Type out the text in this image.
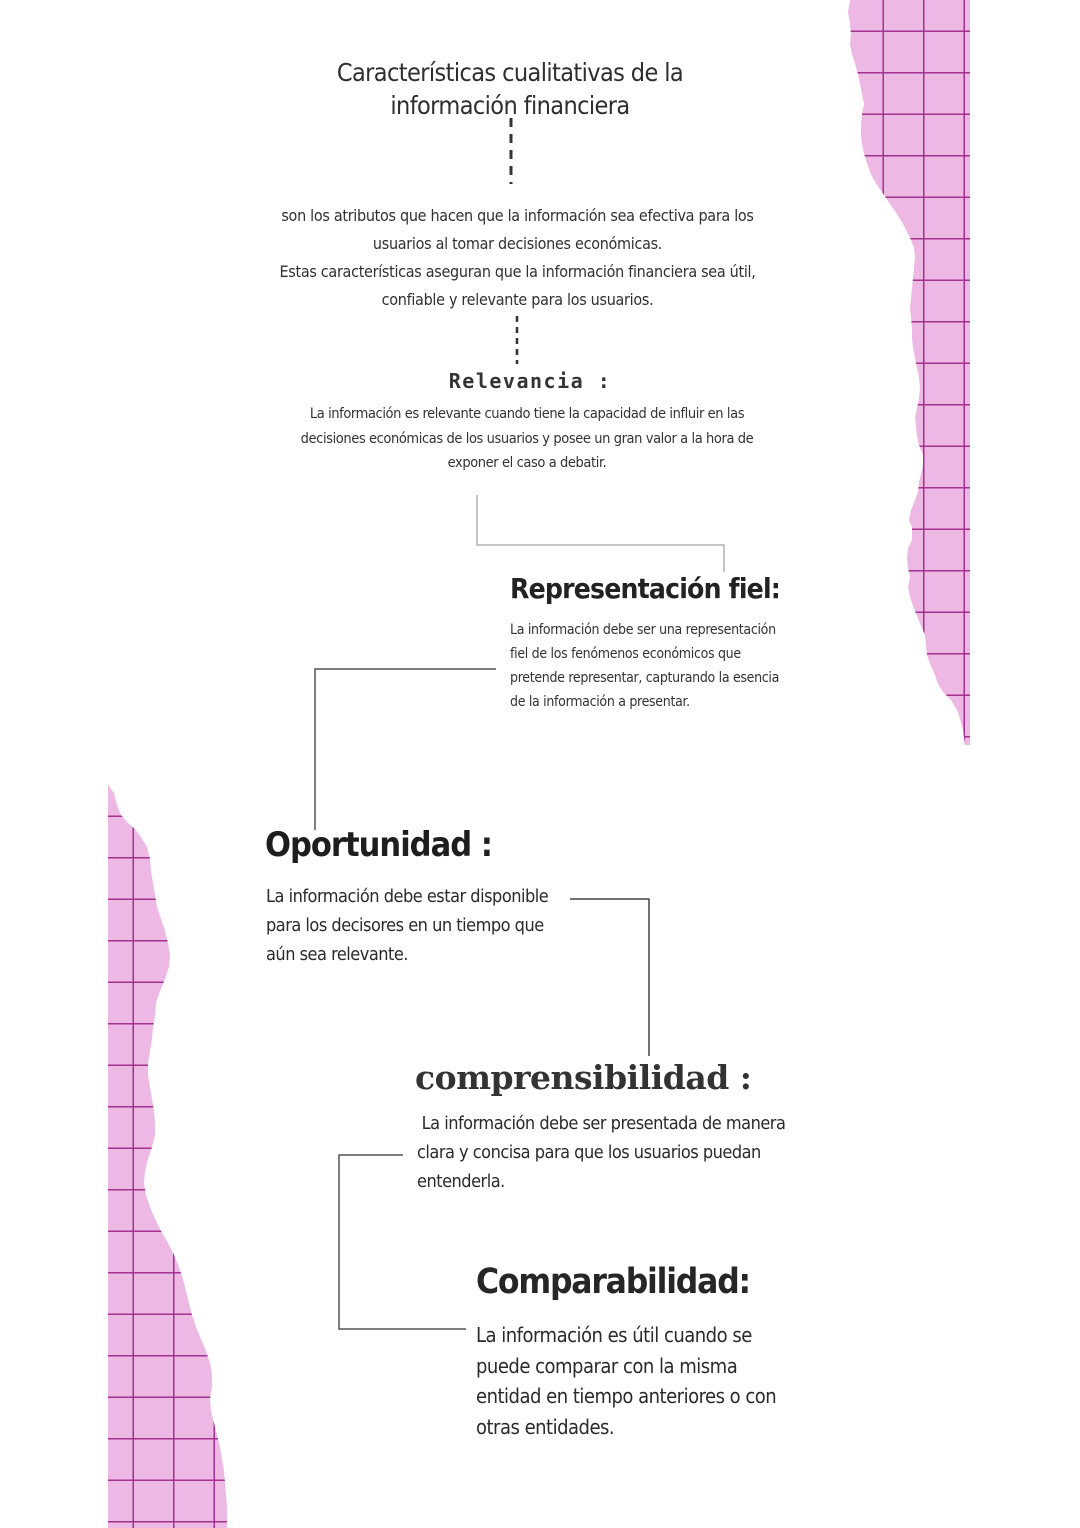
Características cualitativas de la
información financiera
son los atributos que hacen que la información sea efectiva para los
usuarios al tomar decisiones económicas.
Estas características aseguran que la información financiera sea útil,
confiable y relevante para los usuarios.
Relevancia :
La información es relevante cuando tiene la capacidad de influir en las
decisiones económicas de los usuarios y posee un gran valor a la hora de
exponer el caso a debatir.
Representación fiel:
La información debe ser una representación
fiel de los fenómenos económicos que
pretende representar, capturando la esencia
de la información a presentar.
Oportunidad :
La información debe estar disponible
para los decisores en un tiempo que
aún sea relevante.
comprensibilidad :
La información debe ser presentada de manera
clara y concisa para que los usuarios puedan
entenderla.
Comparabilidad:
La información es útil cuando se
puede comparar con la misma
entidad en tiempo anteriores o con
otras entidades.
